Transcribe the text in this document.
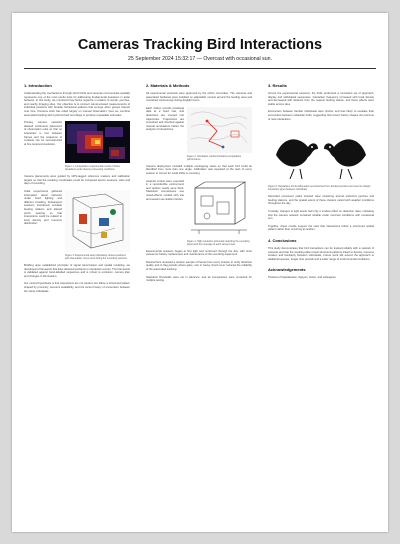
Cameras Tracking Bird Interactions
25 September 2024 15:32:17 — Overcast with occasional sun.
1. Introduction
Understanding the mechanisms through which birds and cameras communicate spatially represents one of the most useful tools for addressing fundamental questions in avian behavior. In this study, we monitored how flocks organize in relation to terrain, perches, and nearby foraging sites. Our objective is to connect camera-based measurements of individual positions with broader behavioral patterns that emerge when groups interact over time. Previous work has relied largely on manual observation; here we combine automated tracking with synchronized recordings to produce repeatable estimates.
Primary camera networks allowed continuous placement of observation units so that no interaction is lost between frames and the sequence of contacts can be reconstructed at fine temporal resolution.
Figure 1. Comparative experimental results of frame deviations under diverse processing conditions.
Camera placements were guided by GPS-tagged reference markers and calibration targets so that the resulting coordinates could be compared across sessions, sites and days of recording.
Initial experiments gathered information about behavior under fixed lighting and different crowding. Subsequent sessions introduced movable feeding stations and altered perch spacing so that interactions could be related to local density and resource distribution.
Figure 3. Experimental setup illustrating camera positions and observation zones used during the recording sessions.
Building upon established principles of signal transmission and spatial modeling, we developed a framework that links detected positions to interaction events. The framework is validated against hand-labelled sequences and is robust to occlusion, camera jitter and changes in illumination.
Our central hypothesis is that interactions are not random but follow a structured pattern shaped by proximity, resource availability, and the recent history of encounters between the same individuals.
2. Materials & Methods
All experimental protocols were approved by the ethics committee. The cameras and associated hardware were installed on adjustable mounts around the feeding area and monitored continuously during daylight hours.
Each station records positional data at a fixed rate, and detections are merged into trajectories. Trajectories are smoothed and checked against manual annotations before the analysis of interactions.
Figure 2. Simulation results illustrating comparative performance.
Camera deployment included multiple overlapping views so that each bird could be identified from more than one angle. Calibration was repeated at the start of every session to correct for small shifts in mounting.
Analysis scripts were executed in a reproducible environment and random seeds were fixed. Statistical comparisons use mixed-effects models with site and session as random factors.
Figure 4. High-resolution schematic depicting the recording layout and the coverage of each camera view.
Experimental sessions began at first light and continued through the day, with short pauses for battery replacement and maintenance of the recording equipment.
Researchers reviewed a random sample of frames from every session to verify detection quality and to flag periods where glare, rain or heavy cloud cover reduced the reliability of the automated tracking.
Statistical thresholds were set in advance, and all comparisons were corrected for multiple testing.
3. Results
Across the experimental sessions, the birds performed a consistent set of approach, display and withdrawal sequences. Interaction frequency increased with local density and decreased with distance from the nearest feeding station, and these effects were stable across sites.
Encounters between familiar individuals were shorter and less likely to escalate than encounters between unfamiliar birds, suggesting that recent history shapes the outcome of new interactions.
Figure 5. Illustrations of bird silhouettes reconstructed from tracked positions and used to classify interaction types between individuals.
Recorded movement paths showed clear clustering around preferred perches and feeding stations, and the spatial extent of these clusters varied with weather conditions throughout the day.
Crucially, changes in light levels had only a modest effect on detection rates, indicating that the camera network remained reliable under overcast conditions with occasional sun.
Together, these results support the view that interactions follow a structured spatial pattern rather than occurring at random.
4. Conclusions
This study demonstrates that bird interactions can be tracked reliably with a network of cameras and that the resulting data reveal structured patterns linked to density, resource location and familiarity between individuals. Future work will extend the approach to additional species, longer time periods and a wider range of environmental conditions.
Acknowledgements
Thanks to Papanikolaou, Nguyen, Ovieri, and colleagues.
